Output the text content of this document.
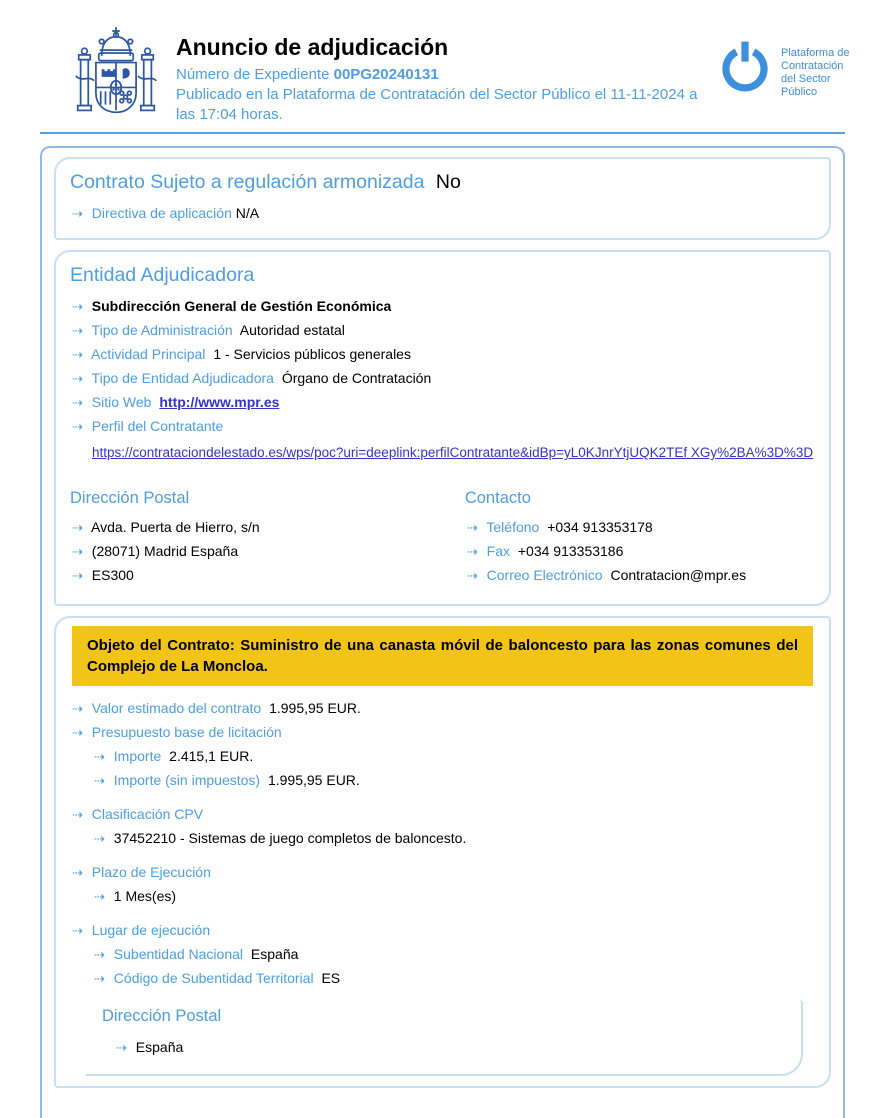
Anuncio de adjudicación
Número de Expediente 00PG20240131
Publicado en la Plataforma de Contratación del Sector Público el 11-11-2024 a las 17:04 horas.
Plataforma de
Contratación
del Sector
Público
Contrato Sujeto a regulación armonizada No
⇢ Directiva de aplicación N/A
Entidad Adjudicadora
⇢ Subdirección General de Gestión Económica
⇢ Tipo de Administración Autoridad estatal
⇢ Actividad Principal 1 - Servicios públicos generales
⇢ Tipo de Entidad Adjudicadora Órgano de Contratación
⇢ Sitio Web http://www.mpr.es
⇢ Perfil del Contratante
https://contrataciondelestado.es/wps/poc?uri=deeplink:perfilContratante&idBp=yL0KJnrYtjUQK2TEf XGy%2BA%3D%3D
Dirección Postal
⇢ Avda. Puerta de Hierro, s/n
⇢ (28071) Madrid España
⇢ ES300
Contacto
⇢ Teléfono +034 913353178
⇢ Fax +034 913353186
⇢ Correo Electrónico Contratacion@mpr.es
Objeto del Contrato: Suministro de una canasta móvil de baloncesto para las zonas comunes del Complejo de La Moncloa.
⇢ Valor estimado del contrato 1.995,95 EUR.
⇢ Presupuesto base de licitación
⇢ Importe 2.415,1 EUR.
⇢ Importe (sin impuestos) 1.995,95 EUR.
⇢ Clasificación CPV
⇢ 37452210 - Sistemas de juego completos de baloncesto.
⇢ Plazo de Ejecución
⇢ 1 Mes(es)
⇢ Lugar de ejecución
⇢ Subentidad Nacional España
⇢ Código de Subentidad Territorial ES
Dirección Postal
⇢ España
